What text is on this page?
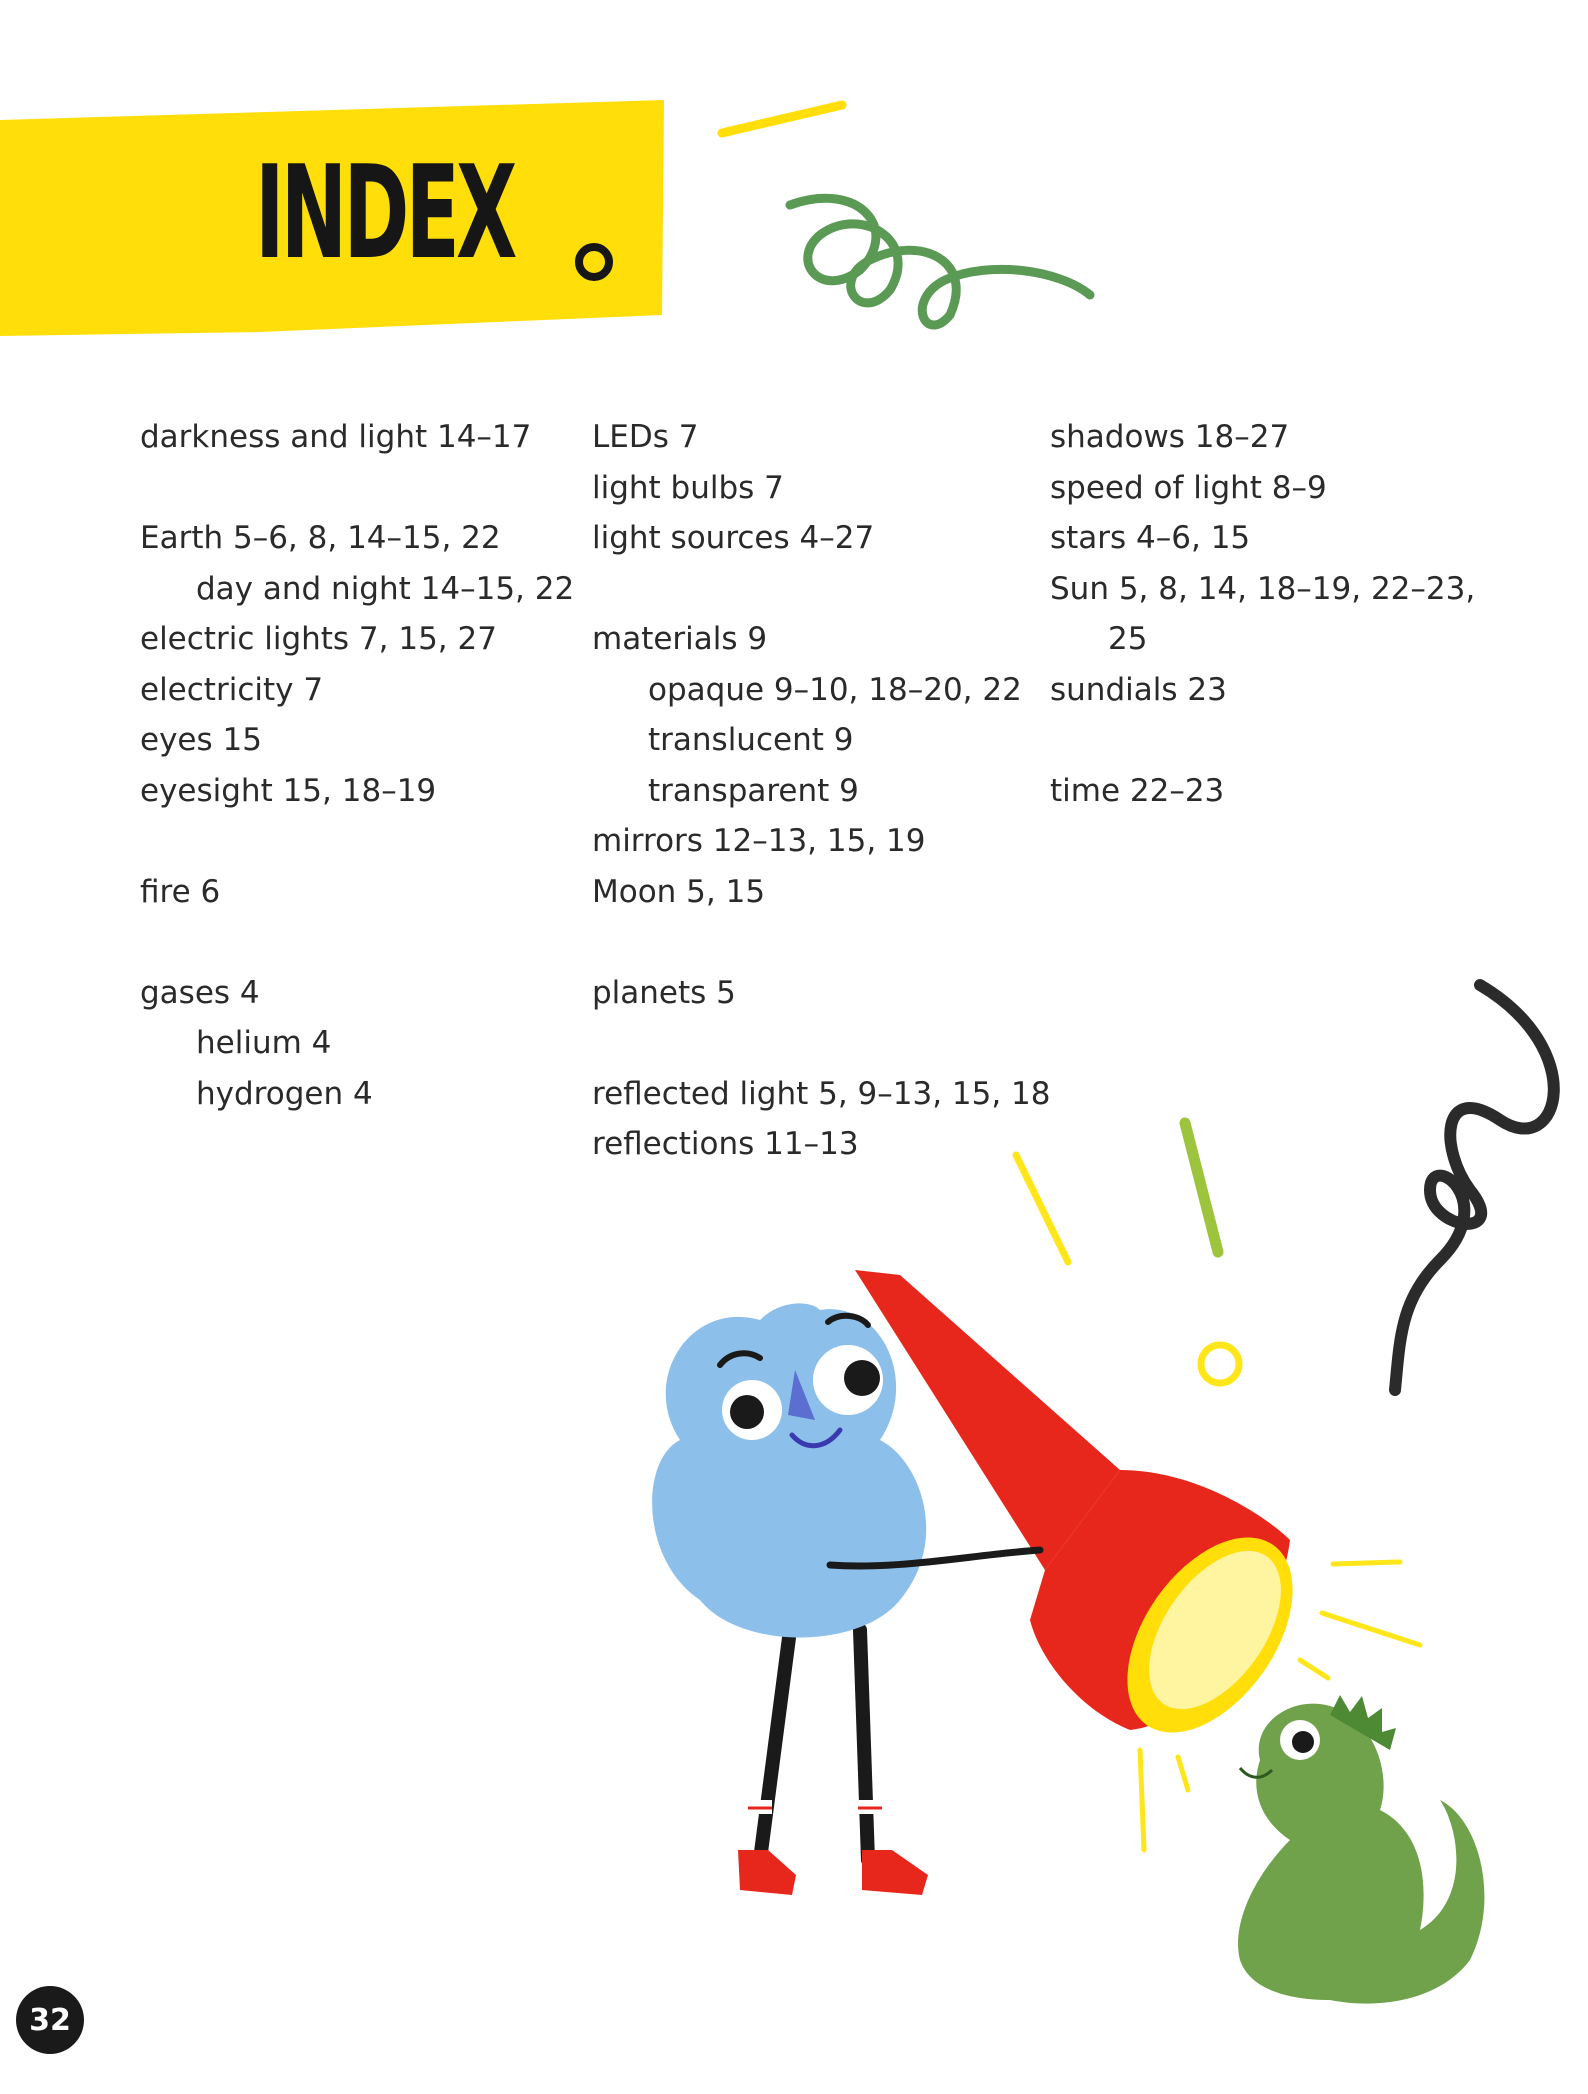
INDEX
darkness and light 14–17
Earth 5–6, 8, 14–15, 22
day and night 14–15, 22
electric lights 7, 15, 27
electricity 7
eyes 15
eyesight 15, 18–19
fire 6
gases 4
helium 4
hydrogen 4
LEDs 7
light bulbs 7
light sources 4–27
materials 9
opaque 9–10, 18–20, 22
translucent 9
transparent 9
mirrors 12–13, 15, 19
Moon 5, 15
planets 5
reflected light 5, 9–13, 15, 18
reflections 11–13
shadows 18–27
speed of light 8–9
stars 4–6, 15
Sun 5, 8, 14, 18–19, 22–23,
25
sundials 23
time 22–23
32
